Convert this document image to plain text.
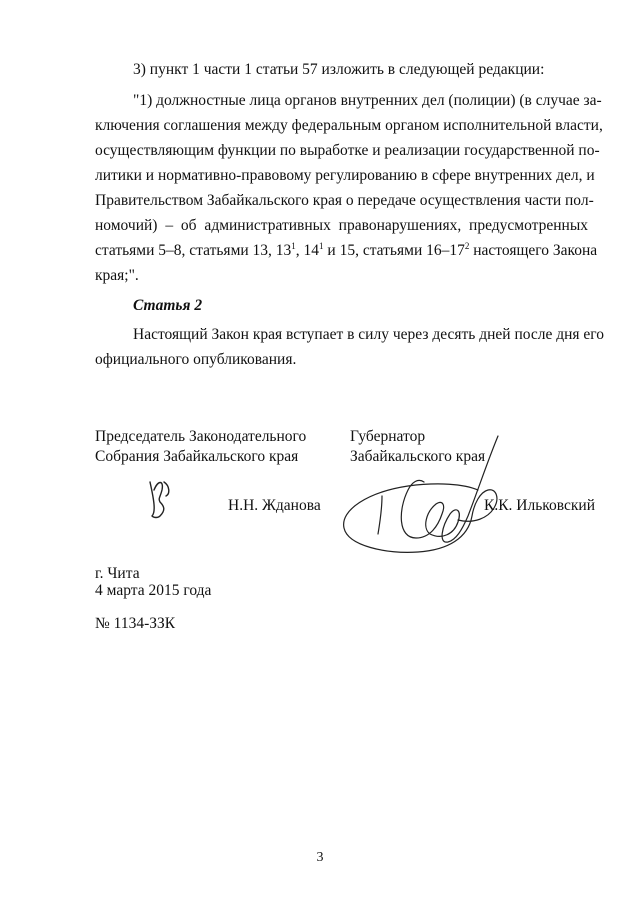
3) пункт 1 части 1 статьи 57 изложить в следующей редакции:
"1) должностные лица органов внутренних дел (полиции) (в случае за-
ключения соглашения между федеральным органом исполнительной власти,
осуществляющим функции по выработке и реализации государственной по-
литики и нормативно-правовому регулированию в сфере внутренних дел, и
Правительством Забайкальского края о передаче осуществления части пол-
номочий) – об административных правонарушениях, предусмотренных
статьями 5–8, статьями 13, $13^1$, $14^1$ и 15, статьями $16-17^2$ настоящего Закона
края;".
Статья 2
Настоящий Закон края вступает в силу через десять дней после дня его
официального опубликования.
Председатель Законодательного
Собрания Забайкальского края
Губернатор
Забайкальского края
Н.Н. Жданова	К.К. Ильковский
г. Чита
4 марта 2015 года
№ 1134-ЗЗК
3
